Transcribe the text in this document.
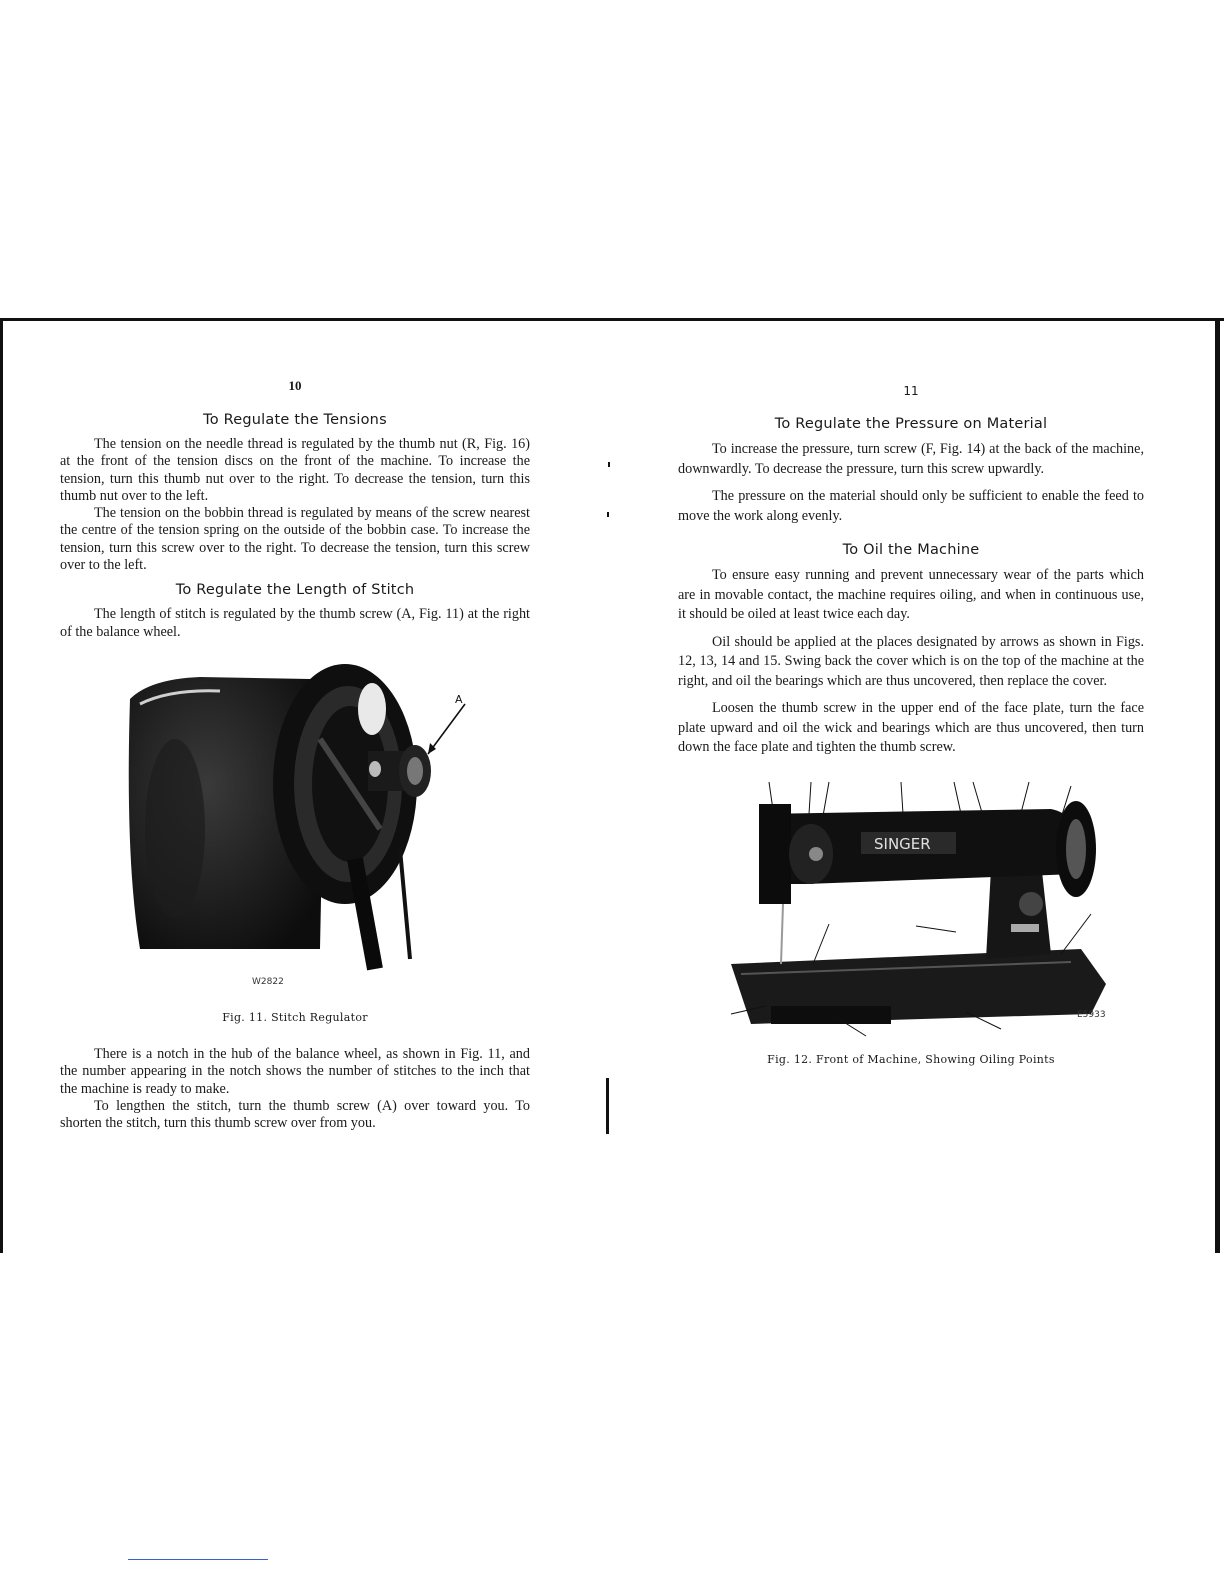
10
To Regulate the Tensions

The tension on the needle thread is regulated by the thumb nut (R, Fig. 16) at the front of the tension discs on the front of the machine. To increase the tension, turn this thumb nut over to the right. To decrease the tension, turn this thumb nut over to the left.

The tension on the bobbin thread is regulated by means of the screw nearest the centre of the tension spring on the outside of the bobbin case. To increase the tension, turn this screw over to the right. To decrease the tension, turn this screw over to the left.

To Regulate the Length of Stitch

The length of stitch is regulated by the thumb screw (A, Fig. 11) at the right of the balance wheel.

A
W2822
Fig. 11. Stitch Regulator

There is a notch in the hub of the balance wheel, as shown in Fig. 11, and the number appearing in the notch shows the number of stitches to the inch that the machine is ready to make.

To lengthen the stitch, turn the thumb screw (A) over toward you. To shorten the stitch, turn this thumb screw over from you.

11
To Regulate the Pressure on Material

To increase the pressure, turn screw (F, Fig. 14) at the back of the machine, downwardly. To decrease the pressure, turn this screw upwardly.

The pressure on the material should only be sufficient to enable the feed to move the work along evenly.

To Oil the Machine

To ensure easy running and prevent unnecessary wear of the parts which are in movable contact, the machine requires oiling, and when in continuous use, it should be oiled at least twice each day.

Oil should be applied at the places designated by arrows as shown in Figs. 12, 13, 14 and 15. Swing back the cover which is on the top of the machine at the right, and oil the bearings which are thus uncovered, then replace the cover.

Loosen the thumb screw in the upper end of the face plate, turn the face plate upward and oil the wick and bearings which are thus uncovered, then turn down the face plate and tighten the thumb screw.

SINGER
E5933
Fig. 12. Front of Machine, Showing Oiling Points
